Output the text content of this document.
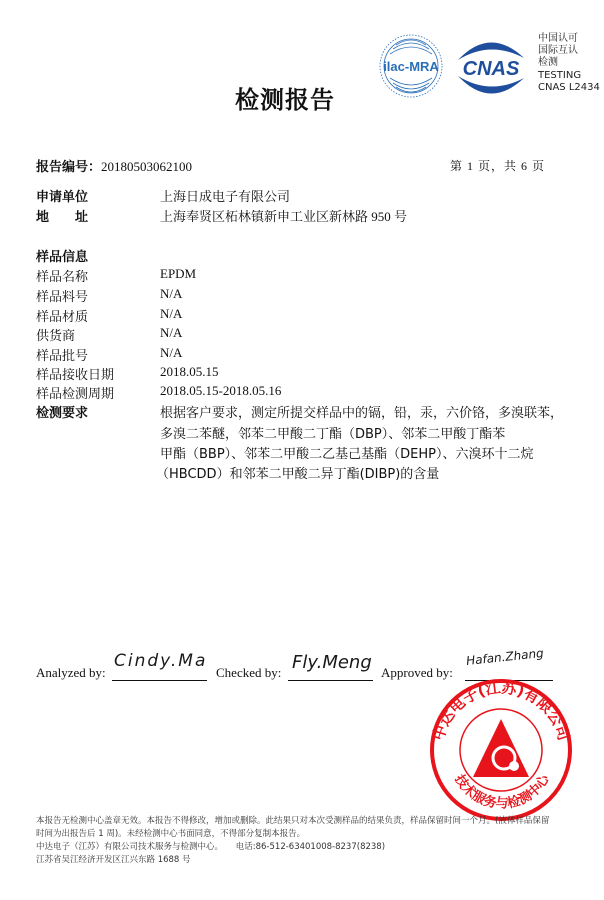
检测报告
ilac-MRA CNAS
中国认可
国际互认
检测
TESTING
CNAS L2434
报告编号：20180503062100	第 1 页，共 6 页
申请单位	上海日成电子有限公司
地　　址	上海奉贤区柘林镇新申工业区新林路 950 号
样品信息
样品名称	EPDM
样品料号	N/A
样品材质	N/A
供货商	N/A
样品批号	N/A
样品接收日期	2018.05.15
样品检测周期	2018.05.15-2018.05.16
检测要求	根据客户要求，测定所提交样品中的镉，铅，汞，六价铬，多溴联苯，
多溴二苯醚，邻苯二甲酸二丁酯（DBP）、邻苯二甲酸丁酯苯
甲酯（BBP）、邻苯二甲酸二乙基己基酯（DEHP）、六溴环十二烷
（HBCDD）和邻苯二甲酸二异丁酯(DIBP)的含量
Analyzed by:
Cindy.Ma
Checked by: Fly.Meng Approved by:
Hafan.Zhang
中达电子(江苏)有限公司
技术服务与检测中心
本报告无检测中心盖章无效。本报告不得修改，增加或删除。此结果只对本次受测样品的结果负责，样品保留时间一个月。(液体样品保留
时间为出报告后 1 周)。未经检测中心书面同意，不得部分复制本报告。
中达电子（江苏）有限公司技术服务与检测中心。　　电话:86-512-63401008-8237(8238)
江苏省吴江经济开发区江兴东路 1688 号
